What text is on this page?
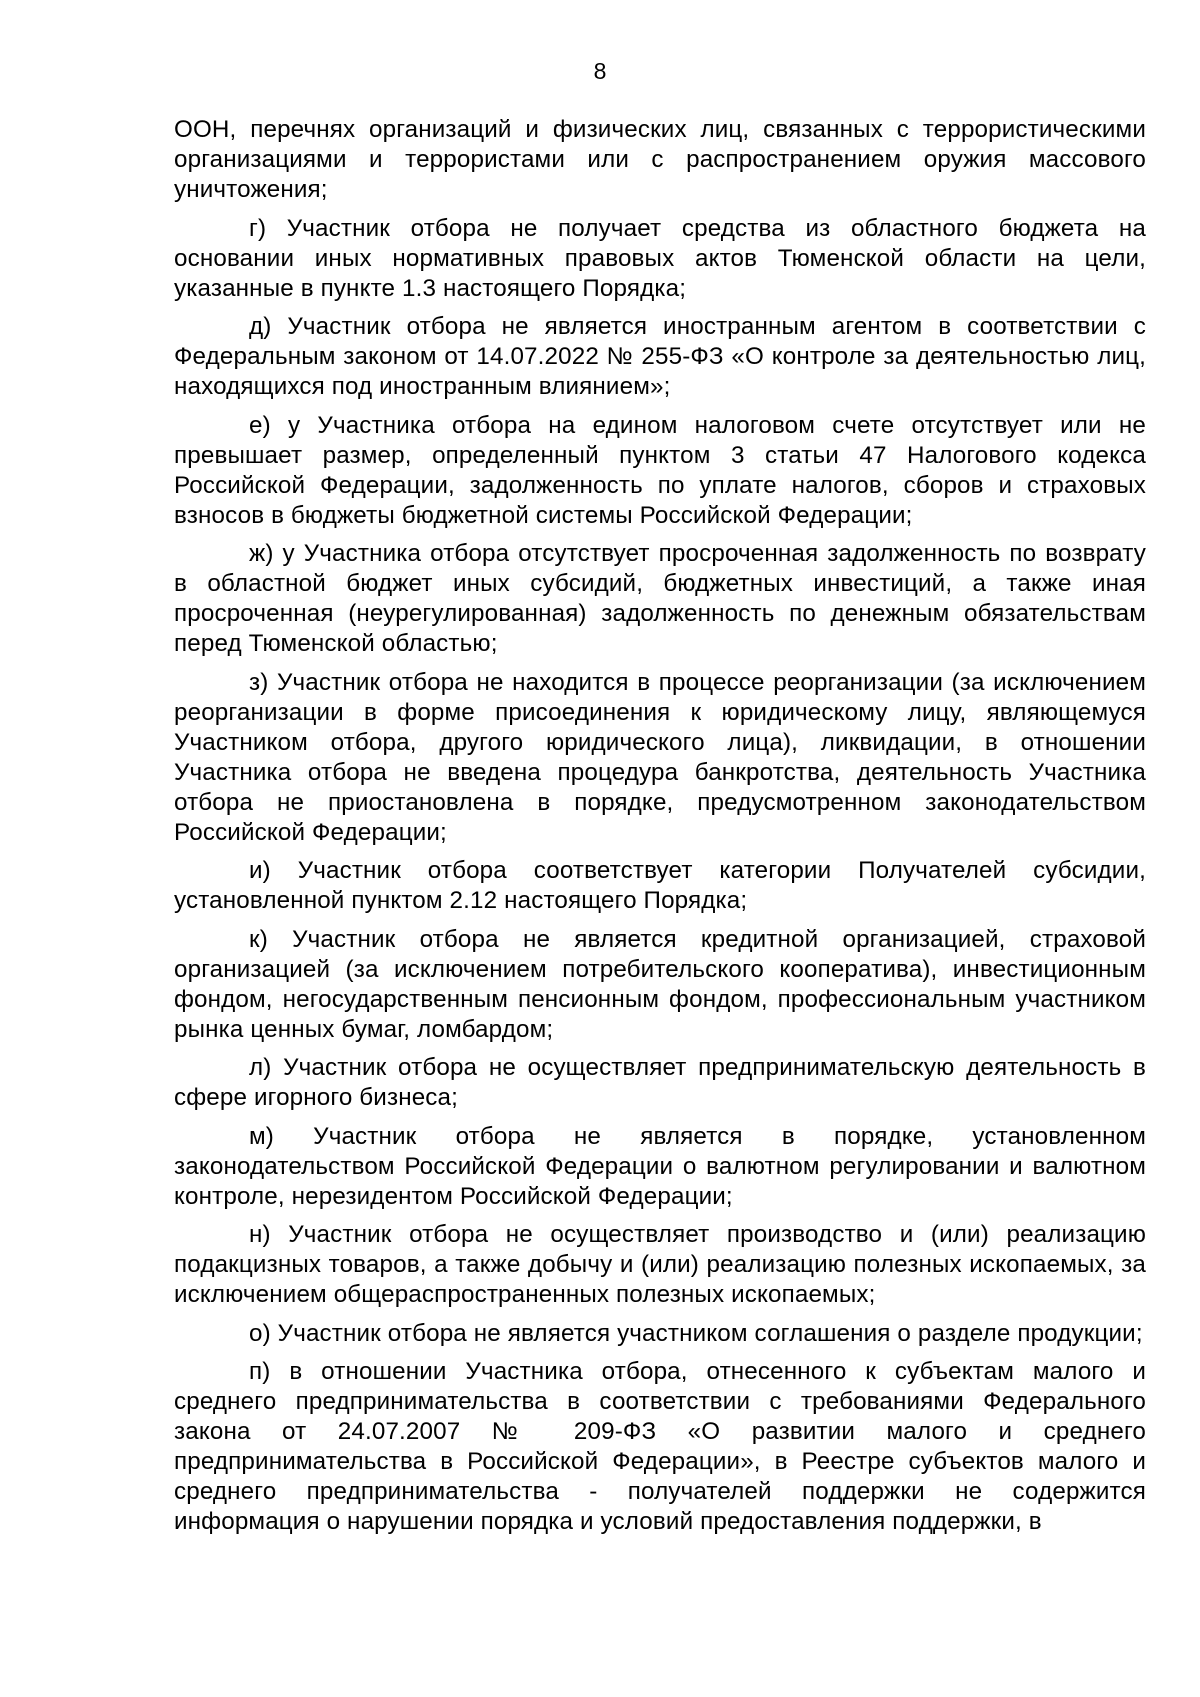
8

ООН, перечнях организаций и физических лиц, связанных с террористическими организациями и террористами или с распространением оружия массового уничтожения;

г) Участник отбора не получает средства из областного бюджета на основании иных нормативных правовых актов Тюменской области на цели, указанные в пункте 1.3 настоящего Порядка;

д) Участник отбора не является иностранным агентом в соответствии с Федеральным законом от 14.07.2022 № 255-ФЗ «О контроле за деятельностью лиц, находящихся под иностранным влиянием»;

е) у Участника отбора на едином налоговом счете отсутствует или не превышает размер, определенный пунктом 3 статьи 47 Налогового кодекса Российской Федерации, задолженность по уплате налогов, сборов и страховых взносов в бюджеты бюджетной системы Российской Федерации;

ж) у Участника отбора отсутствует просроченная задолженность по возврату в областной бюджет иных субсидий, бюджетных инвестиций, а также иная просроченная (неурегулированная) задолженность по денежным обязательствам перед Тюменской областью;

з) Участник отбора не находится в процессе реорганизации (за исключением реорганизации в форме присоединения к юридическому лицу, являющемуся Участником отбора, другого юридического лица), ликвидации, в отношении Участника отбора не введена процедура банкротства, деятельность Участника отбора не приостановлена в порядке, предусмотренном законодательством Российской Федерации;

и) Участник отбора соответствует категории Получателей субсидии, установленной пунктом 2.12 настоящего Порядка;

к) Участник отбора не является кредитной организацией, страховой организацией (за исключением потребительского кооператива), инвестиционным фондом, негосударственным пенсионным фондом, профессиональным участником рынка ценных бумаг, ломбардом;

л) Участник отбора не осуществляет предпринимательскую деятельность в сфере игорного бизнеса;

м) Участник отбора не является в порядке, установленном законодательством Российской Федерации о валютном регулировании и валютном контроле, нерезидентом Российской Федерации;

н) Участник отбора не осуществляет производство и (или) реализацию подакцизных товаров, а также добычу и (или) реализацию полезных ископаемых, за исключением общераспространенных полезных ископаемых;

о) Участник отбора не является участником соглашения о разделе продукции;

п) в отношении Участника отбора, отнесенного к субъектам малого и среднего предпринимательства в соответствии с требованиями Федерального закона от 24.07.2007 № 209-ФЗ «О развитии малого и среднего предпринимательства в Российской Федерации», в Реестре субъектов малого и среднего предпринимательства - получателей поддержки не содержится информация о нарушении порядка и условий предоставления поддержки, в
